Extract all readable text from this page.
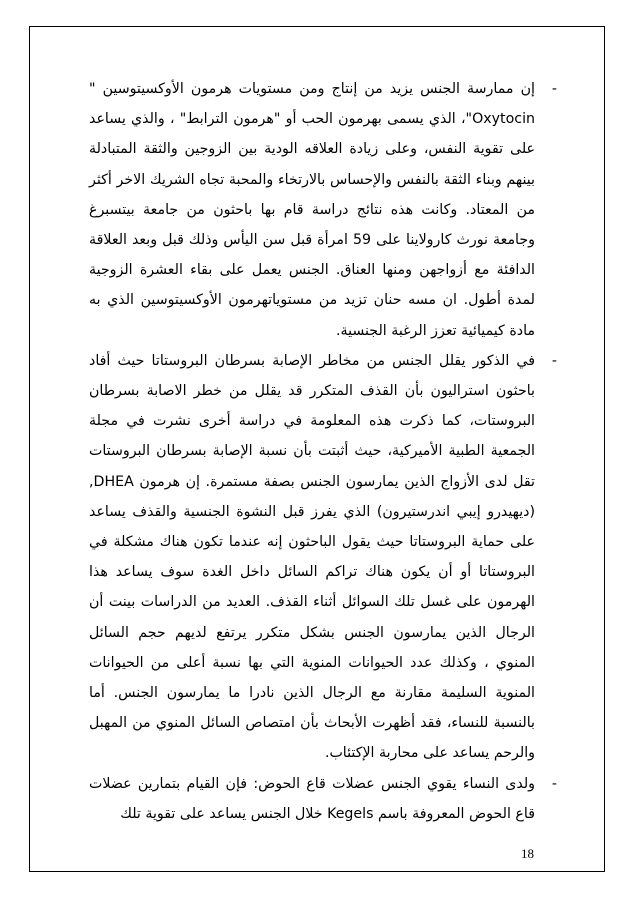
-
إن ممارسة الجنس يزيد من إنتاج ومن مستويات هرمون الأوكسيتوسين " Oxytocin"، الذي يسمى بهرمون الحب أو "هرمون الترابط" ، والذي يساعد على تقوية النفس، وعلى زيادة العلاقه الودية بين الزوجين والثقة المتبادلة بينهم وبناء الثقة بالنفس والإحساس بالارتخاء والمحبة تجاه الشريك الاخر أكثر من المعتاد. وكانت هذه نتائج دراسة قام بها باحثون من جامعة بيتسبرغ وجامعة نورث كارولاينا على 59 امرأة قبل سن اليأس وذلك قبل وبعد العلاقة الدافئة مع أزواجهن ومنها العناق. الجنس يعمل على بقاء العشرة الزوجية لمدة أطول. ان مسه حنان تزيد من مستوياتهرمون الأوكسيتوسين الذي به مادة كيميائية تعزز الرغبة الجنسية.
-
في الذكور يقلل الجنس من مخاطر الإصابة بسرطان البروستاتا حيث أفاد باحثون استراليون بأن القذف المتكرر قد يقلل من خطر الاصابة بسرطان البروستات، كما ذكرت هذه المعلومة في دراسة أخرى نشرت في مجلة الجمعية الطبية الأميركية، حيث أثبتت بأن نسبة الإصابة بسرطان البروستات تقل لدى الأزواج الذين يمارسون الجنس بصفة مستمرة. إن هرمون DHEA, (ديهيدرو إيبي اندرستيرون) الذي يفرز قبل النشوة الجنسية والقذف يساعد على حماية البروستاتا حيث يقول الباحثون إنه عندما تكون هناك مشكلة في البروستاتا أو أن يكون هناك تراكم السائل داخل الغدة سوف يساعد هذا الهرمون على غسل تلك السوائل أثناء القذف. العديد من الدراسات بينت أن الرجال الذين يمارسون الجنس بشكل متكرر يرتفع لديهم حجم السائل المنوي ، وكذلك عدد الحيوانات المنوية التي بها نسبة أعلى من الحيوانات المنوية السليمة مقارنة مع الرجال الذين نادرا ما يمارسون الجنس. أما بالنسبة للنساء، فقد أظهرت الأبحاث بأن امتصاص السائل المنوي من المهبل والرحم يساعد على محاربة الإكتئاب.
-
ولدى النساء يقوي الجنس عضلات قاع الحوض: فإن القيام بتمارين عضلات قاع الحوض المعروفة باسم Kegels خلال الجنس يساعد على تقوية تلك
18
